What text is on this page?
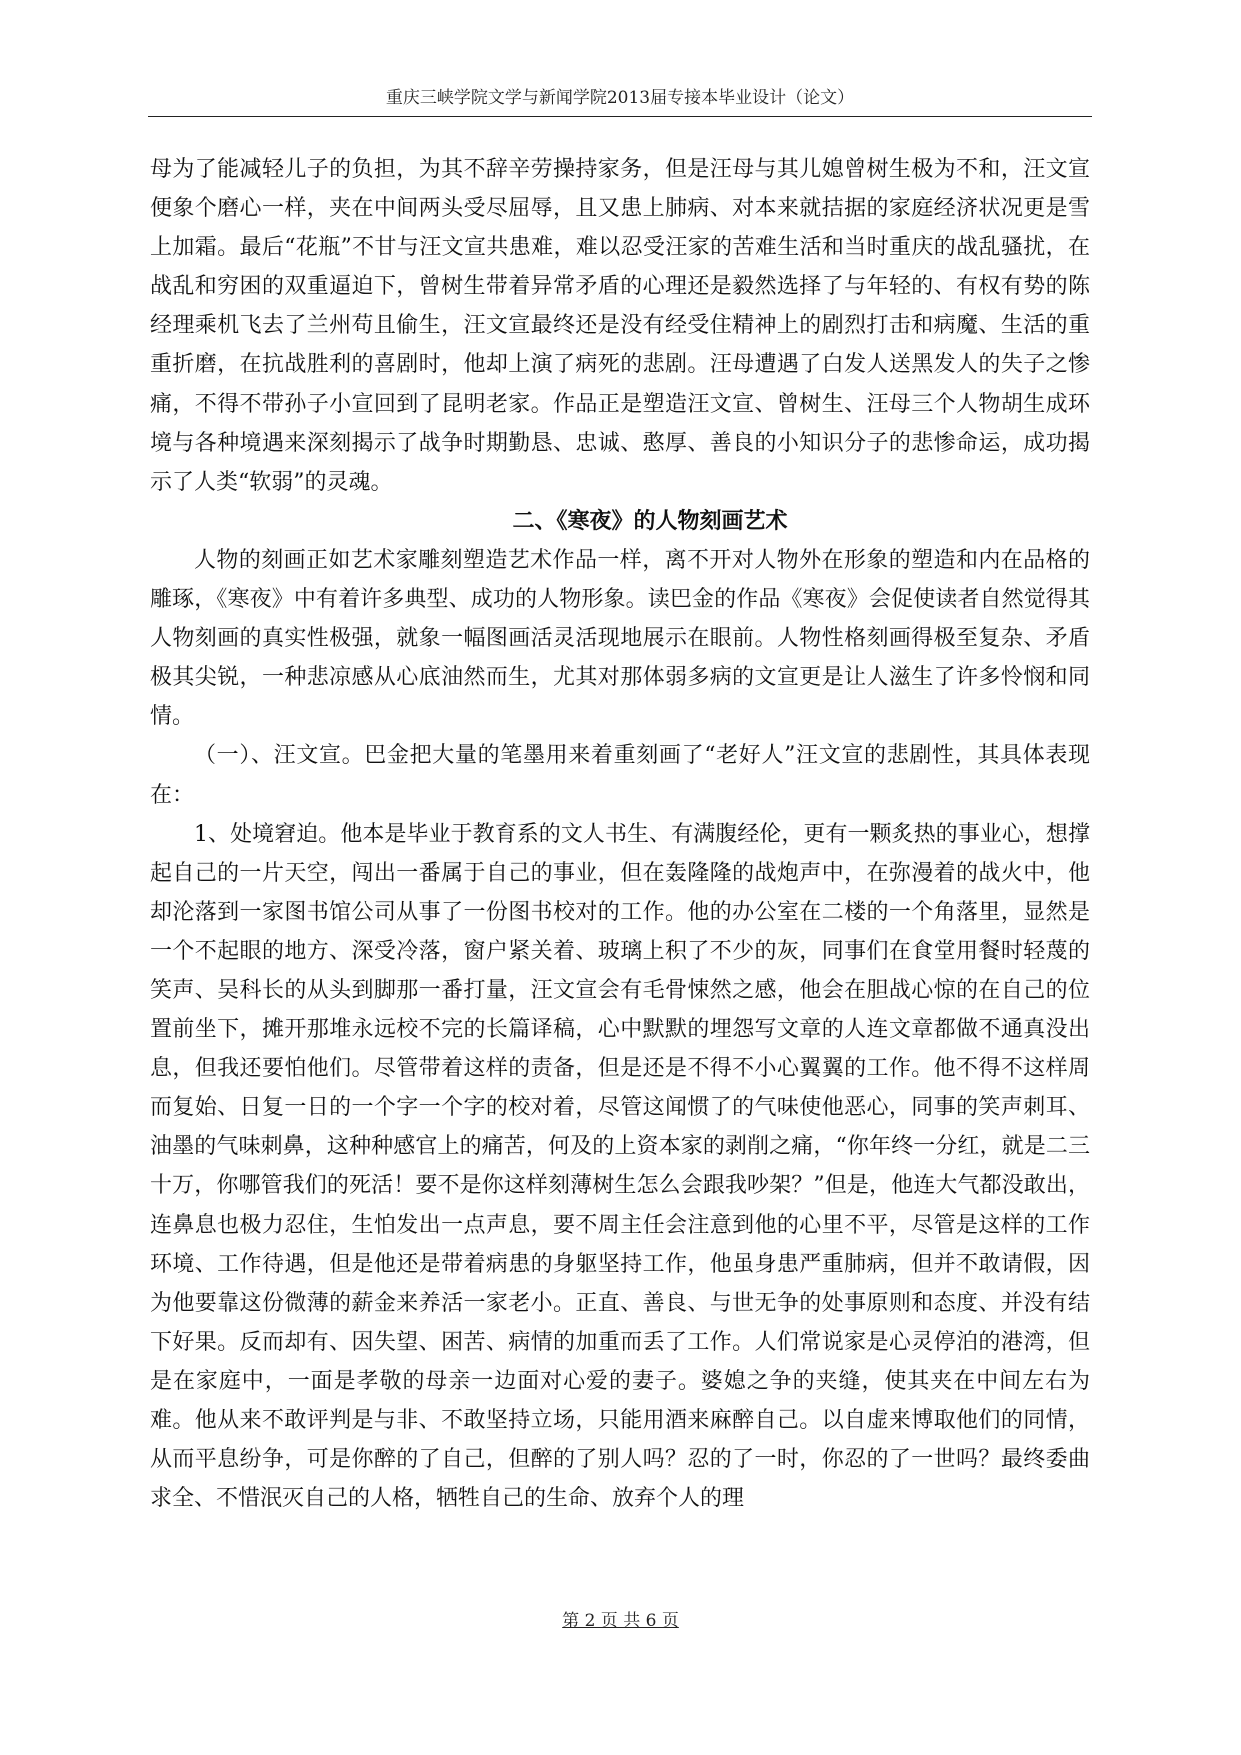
重庆三峡学院文学与新闻学院2013届专接本毕业设计（论文）

母为了能减轻儿子的负担，为其不辞辛劳操持家务，但是汪母与其儿媳曾树生极为不和，汪文宣便象个磨心一样，夹在中间两头受尽屈辱，且又患上肺病、对本来就拮据的家庭经济状况更是雪上加霜。最后“花瓶”不甘与汪文宣共患难，难以忍受汪家的苦难生活和当时重庆的战乱骚扰，在战乱和穷困的双重逼迫下，曾树生带着异常矛盾的心理还是毅然选择了与年轻的、有权有势的陈经理乘机飞去了兰州苟且偷生，汪文宣最终还是没有经受住精神上的剧烈打击和病魔、生活的重重折磨，在抗战胜利的喜剧时，他却上演了病死的悲剧。汪母遭遇了白发人送黑发人的失子之惨痛，不得不带孙子小宣回到了昆明老家。作品正是塑造汪文宣、曾树生、汪母三个人物胡生成环境与各种境遇来深刻揭示了战争时期勤恳、忠诚、憨厚、善良的小知识分子的悲惨命运，成功揭示了人类“软弱”的灵魂。

二、《寒夜》的人物刻画艺术

人物的刻画正如艺术家雕刻塑造艺术作品一样，离不开对人物外在形象的塑造和内在品格的雕琢，《寒夜》中有着许多典型、成功的人物形象。读巴金的作品《寒夜》会促使读者自然觉得其人物刻画的真实性极强，就象一幅图画活灵活现地展示在眼前。人物性格刻画得极至复杂、矛盾极其尖锐，一种悲凉感从心底油然而生，尤其对那体弱多病的文宣更是让人滋生了许多怜悯和同情。

（一）、汪文宣。巴金把大量的笔墨用来着重刻画了“老好人”汪文宣的悲剧性，其具体表现在：

1、处境窘迫。他本是毕业于教育系的文人书生、有满腹经伦，更有一颗炙热的事业心，想撑起自己的一片天空，闯出一番属于自己的事业，但在轰隆隆的战炮声中，在弥漫着的战火中，他却沦落到一家图书馆公司从事了一份图书校对的工作。他的办公室在二楼的一个角落里，显然是一个不起眼的地方、深受冷落，窗户紧关着、玻璃上积了不少的灰，同事们在食堂用餐时轻蔑的笑声、吴科长的从头到脚那一番打量，汪文宣会有毛骨悚然之感，他会在胆战心惊的在自己的位置前坐下，摊开那堆永远校不完的长篇译稿，心中默默的埋怨写文章的人连文章都做不通真没出息，但我还要怕他们。尽管带着这样的责备，但是还是不得不小心翼翼的工作。他不得不这样周而复始、日复一日的一个字一个字的校对着，尽管这闻惯了的气味使他恶心，同事的笑声刺耳、油墨的气味刺鼻，这种种感官上的痛苦，何及的上资本家的剥削之痛，“你年终一分红，就是二三十万，你哪管我们的死活！要不是你这样刻薄树生怎么会跟我吵架？”但是，他连大气都没敢出，连鼻息也极力忍住，生怕发出一点声息，要不周主任会注意到他的心里不平，尽管是这样的工作环境、工作待遇，但是他还是带着病患的身躯坚持工作，他虽身患严重肺病，但并不敢请假，因为他要靠这份微薄的薪金来养活一家老小。正直、善良、与世无争的处事原则和态度、并没有结下好果。反而却有、因失望、困苦、病情的加重而丢了工作。人们常说家是心灵停泊的港湾，但是在家庭中，一面是孝敬的母亲一边面对心爱的妻子。婆媳之争的夹缝，使其夹在中间左右为难。他从来不敢评判是与非、不敢坚持立场，只能用酒来麻醉自己。以自虚来博取他们的同情，从而平息纷争，可是你醉的了自己，但醉的了别人吗？忍的了一时，你忍的了一世吗？最终委曲求全、不惜泯灭自己的人格，牺牲自己的生命、放弃个人的理

第 2 页 共 6 页
